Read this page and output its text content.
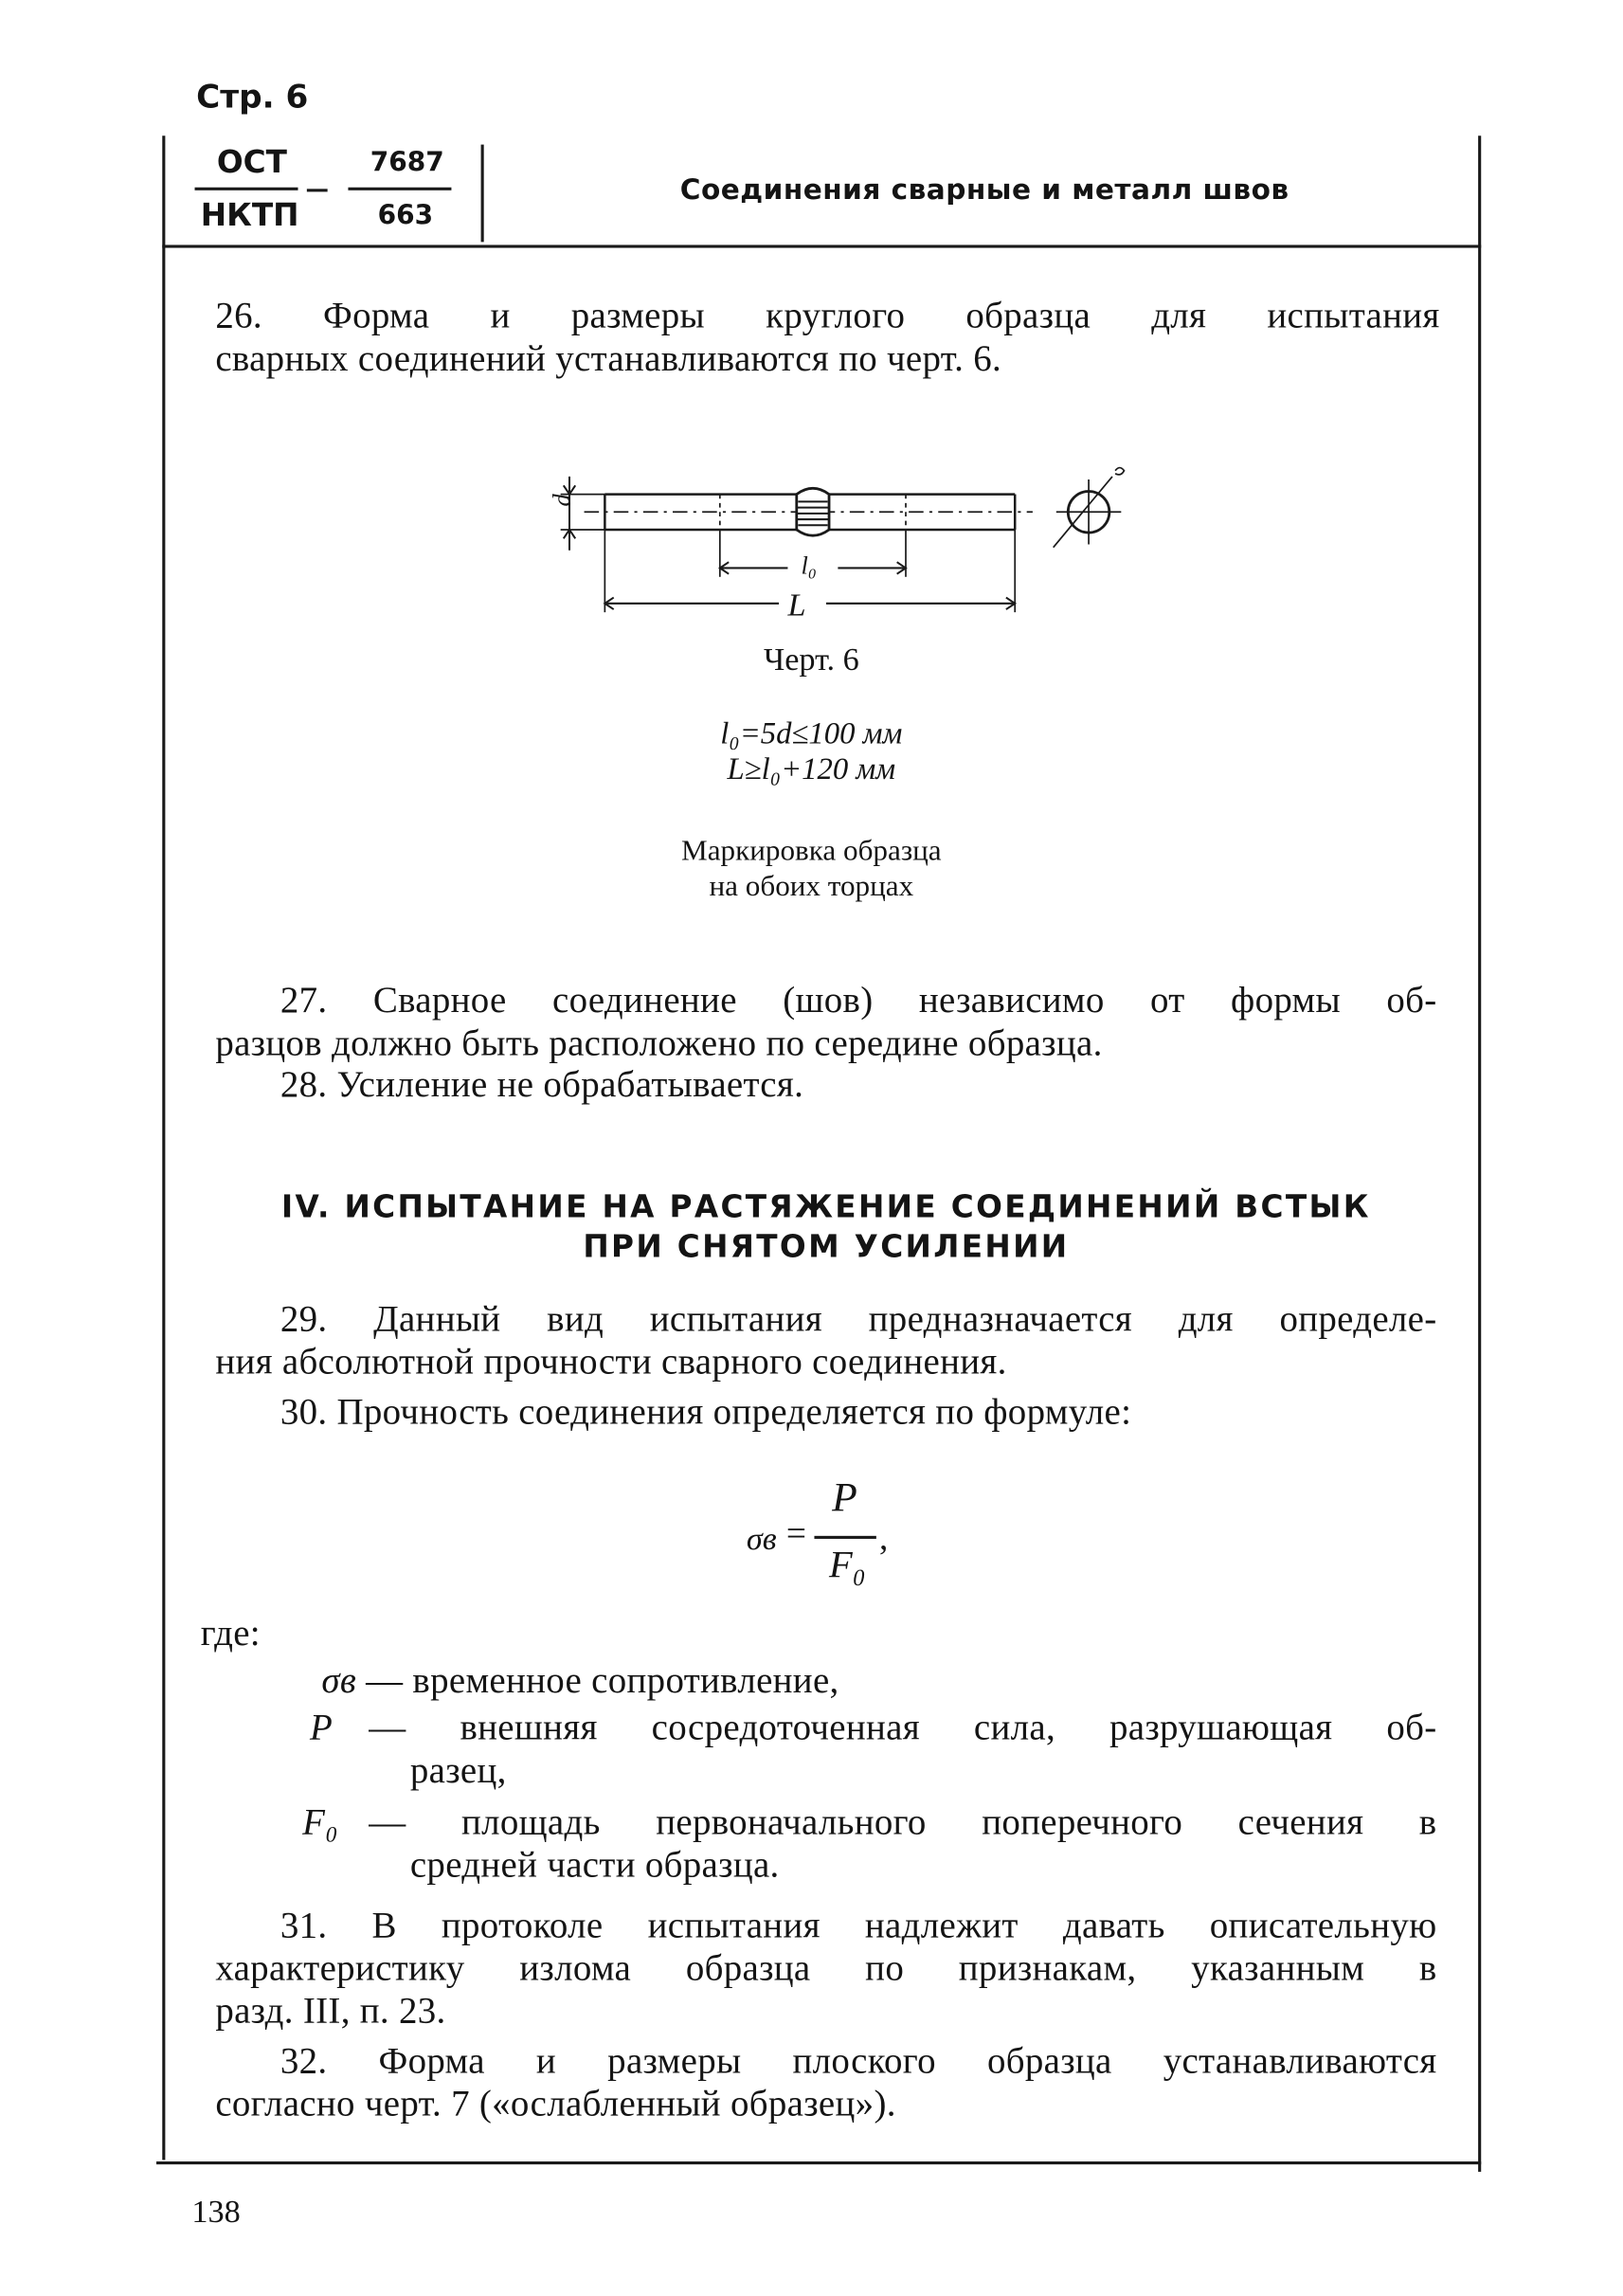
Стр. 6
ОСТ	7687
НКТП	663
Соединения сварные и металл швов
26. Форма и размеры круглого образца для испытания
сварных соединений устанавливаются по черт. 6.
d
l₀
L
Черт. 6
l₀=5d≤100 мм
L≥l₀+120 мм
Маркировка образца
на обоих торцах
27. Сварное соединение (шов) независимо от формы об-
разцов должно быть расположено по середине образца.
28. Усиление не обрабатывается.
IV. ИСПЫТАНИЕ НА РАСТЯЖЕНИЕ СОЕДИНЕНИЙ ВСТЫК
ПРИ СНЯТОМ УСИЛЕНИИ
29. Данный вид испытания предназначается для определе-
ния абсолютной прочности сварного соединения.
30. Прочность соединения определяется по формуле:
σв =
P
F₀
,
где:
σв — временное сопротивление,
P — внешняя сосредоточенная сила, разрушающая об-
разец,
F₀ — площадь первоначального поперечного сечения в
средней части образца.
31. В протоколе испытания надлежит давать описательную
характеристику излома образца по признакам, указанным в
разд. III, п. 23.
32. Форма и размеры плоского образца устанавливаются
согласно черт. 7 («ослабленный образец»).
138
